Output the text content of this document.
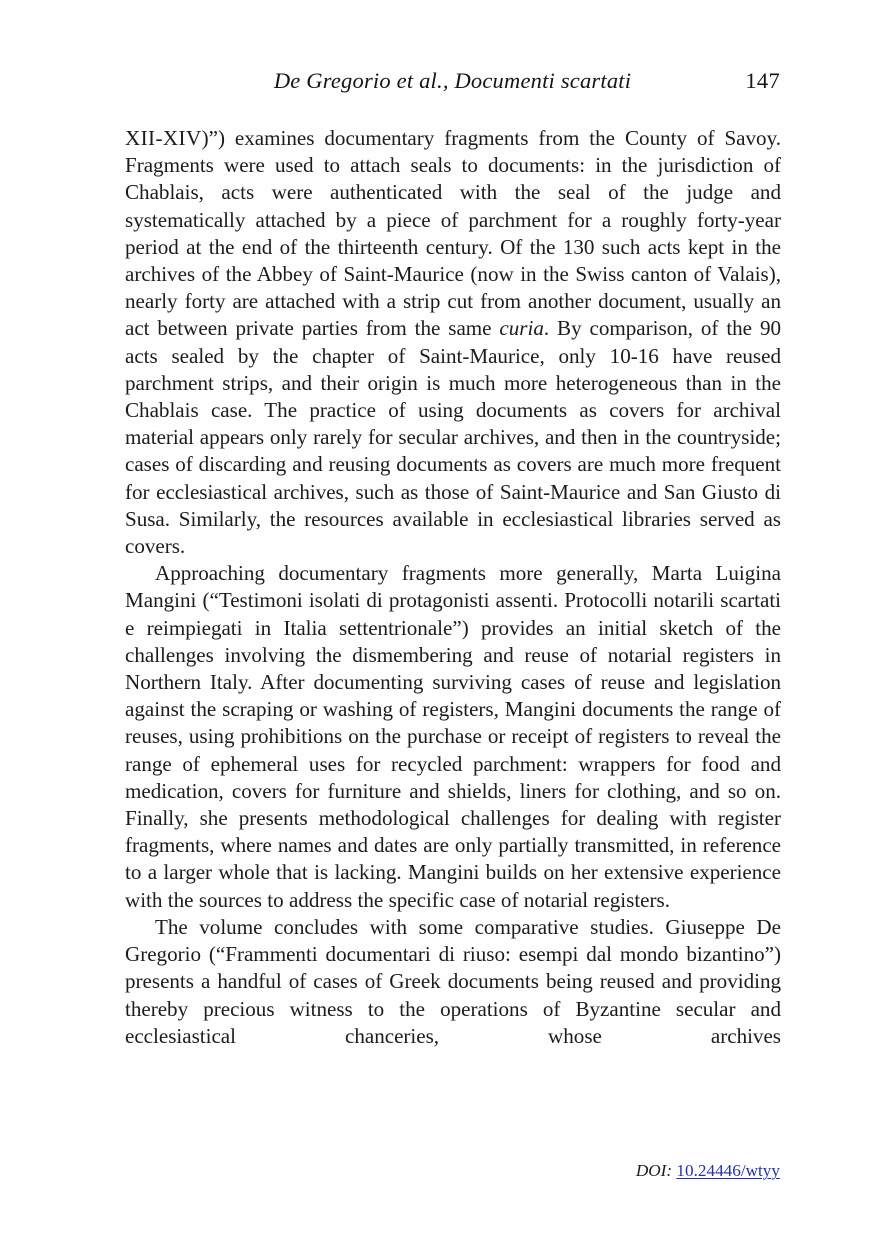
De Gregorio et al., Documenti scartati	147

XII-XIV)”) examines documentary fragments from the County of Savoy. Fragments were used to attach seals to documents: in the jurisdiction of Chablais, acts were authenticated with the seal of the judge and systematically attached by a piece of parchment for a roughly forty-year period at the end of the thirteenth century. Of the 130 such acts kept in the archives of the Abbey of Saint-Maurice (now in the Swiss canton of Valais), nearly forty are attached with a strip cut from another document, usually an act between private parties from the same curia. By comparison, of the 90 acts sealed by the chapter of Saint-Maurice, only 10-16 have reused parchment strips, and their origin is much more heterogeneous than in the Chablais case. The practice of using documents as covers for archival material appears only rarely for secular archives, and then in the countryside; cases of discarding and reusing documents as covers are much more frequent for ecclesiastical archives, such as those of Saint-Maurice and San Giusto di Susa. Similarly, the resources available in ecclesiastical libraries served as covers.

Approaching documentary fragments more generally, Marta Luigina Mangini (“Testimoni isolati di protagonisti assenti. Protocolli notarili scartati e reimpiegati in Italia settentrionale”) provides an initial sketch of the challenges involving the dismembering and reuse of notarial registers in Northern Italy. After documenting surviving cases of reuse and legislation against the scraping or washing of registers, Mangini documents the range of reuses, using prohibitions on the purchase or receipt of registers to reveal the range of ephemeral uses for recycled parchment: wrappers for food and medication, covers for furniture and shields, liners for clothing, and so on. Finally, she presents methodological challenges for dealing with register fragments, where names and dates are only partially transmitted, in reference to a larger whole that is lacking. Mangini builds on her extensive experience with the sources to address the specific case of notarial registers.

The volume concludes with some comparative studies. Giuseppe De Gregorio (“Frammenti documentari di riuso: esempi dal mondo bizantino”) presents a handful of cases of Greek documents being reused and providing thereby precious witness to the operations of Byzantine secular and ecclesiastical chanceries, whose archives

DOI: 10.24446/wtyy
